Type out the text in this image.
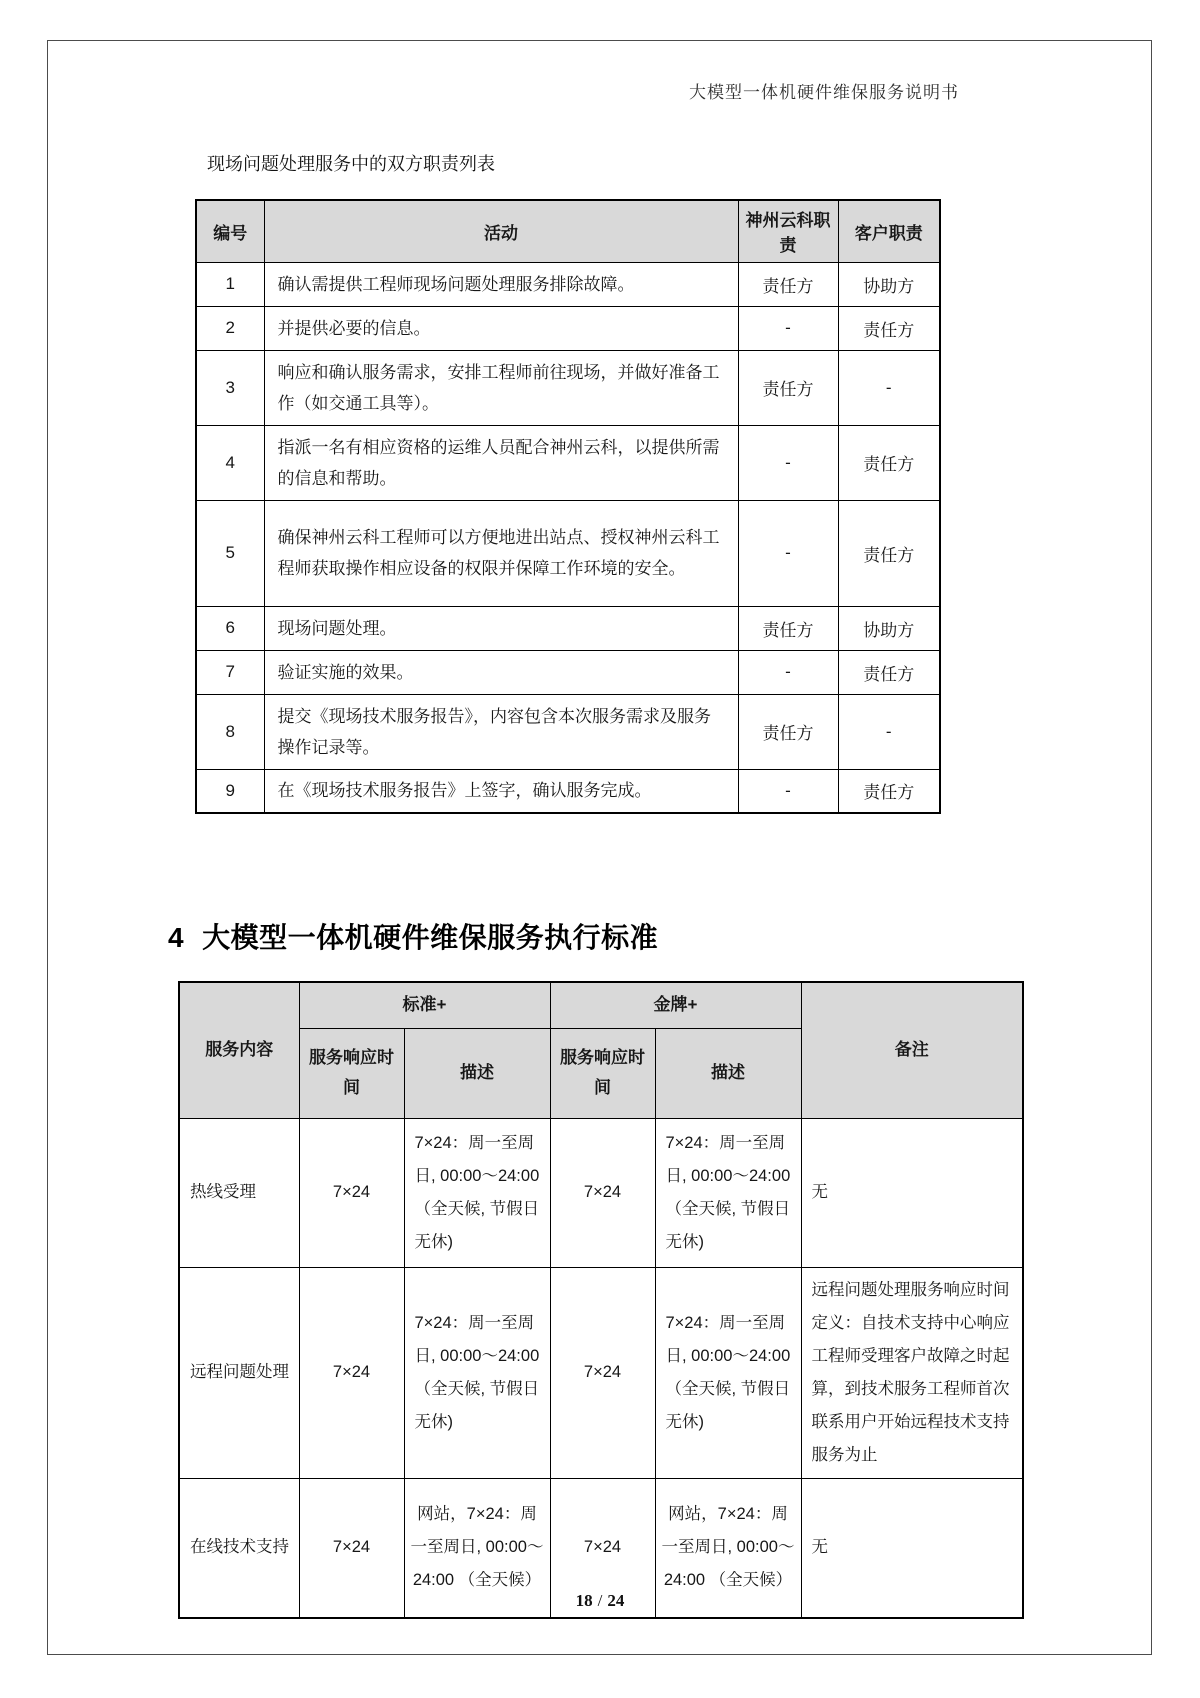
大模型一体机硬件维保服务说明书
现场问题处理服务中的双方职责列表
编号	活动	神州云科职责	客户职责
1	确认需提供工程师现场问题处理服务排除故障。	责任方	协助方
2	并提供必要的信息。	-	责任方
3	响应和确认服务需求，安排工程师前往现场，并做好准备工作（如交通工具等）。	责任方	-
4	指派一名有相应资格的运维人员配合神州云科，以提供所需的信息和帮助。	-	责任方
5	确保神州云科工程师可以方便地进出站点、授权神州云科工程师获取操作相应设备的权限并保障工作环境的安全。	-	责任方
6	现场问题处理。	责任方	协助方
7	验证实施的效果。	-	责任方
8	提交《现场技术服务报告》，内容包含本次服务需求及服务操作记录等。	责任方	-
9	在《现场技术服务报告》上签字，确认服务完成。	-	责任方
4 大模型一体机硬件维保服务执行标准
服务内容	标准+		金牌+		备注
	服务响应时间	描述	服务响应时间	描述	
热线受理	7×24	7×24：周一至周日, 00:00～24:00（全天候, 节假日无休)	7×24	7×24：周一至周日, 00:00～24:00（全天候, 节假日无休)	无
远程问题处理	7×24	7×24：周一至周日, 00:00～24:00（全天候, 节假日无休)	7×24	7×24：周一至周日, 00:00～24:00（全天候, 节假日无休)	远程问题处理服务响应时间定义：自技术支持中心响应工程师受理客户故障之时起算，到技术服务工程师首次联系用户开始远程技术支持服务为止
在线技术支持	7×24	网站，7×24：周一至周日, 00:00～24:00 （全天候）	7×24	网站，7×24：周一至周日, 00:00～24:00 （全天候）	无
18 / 24
